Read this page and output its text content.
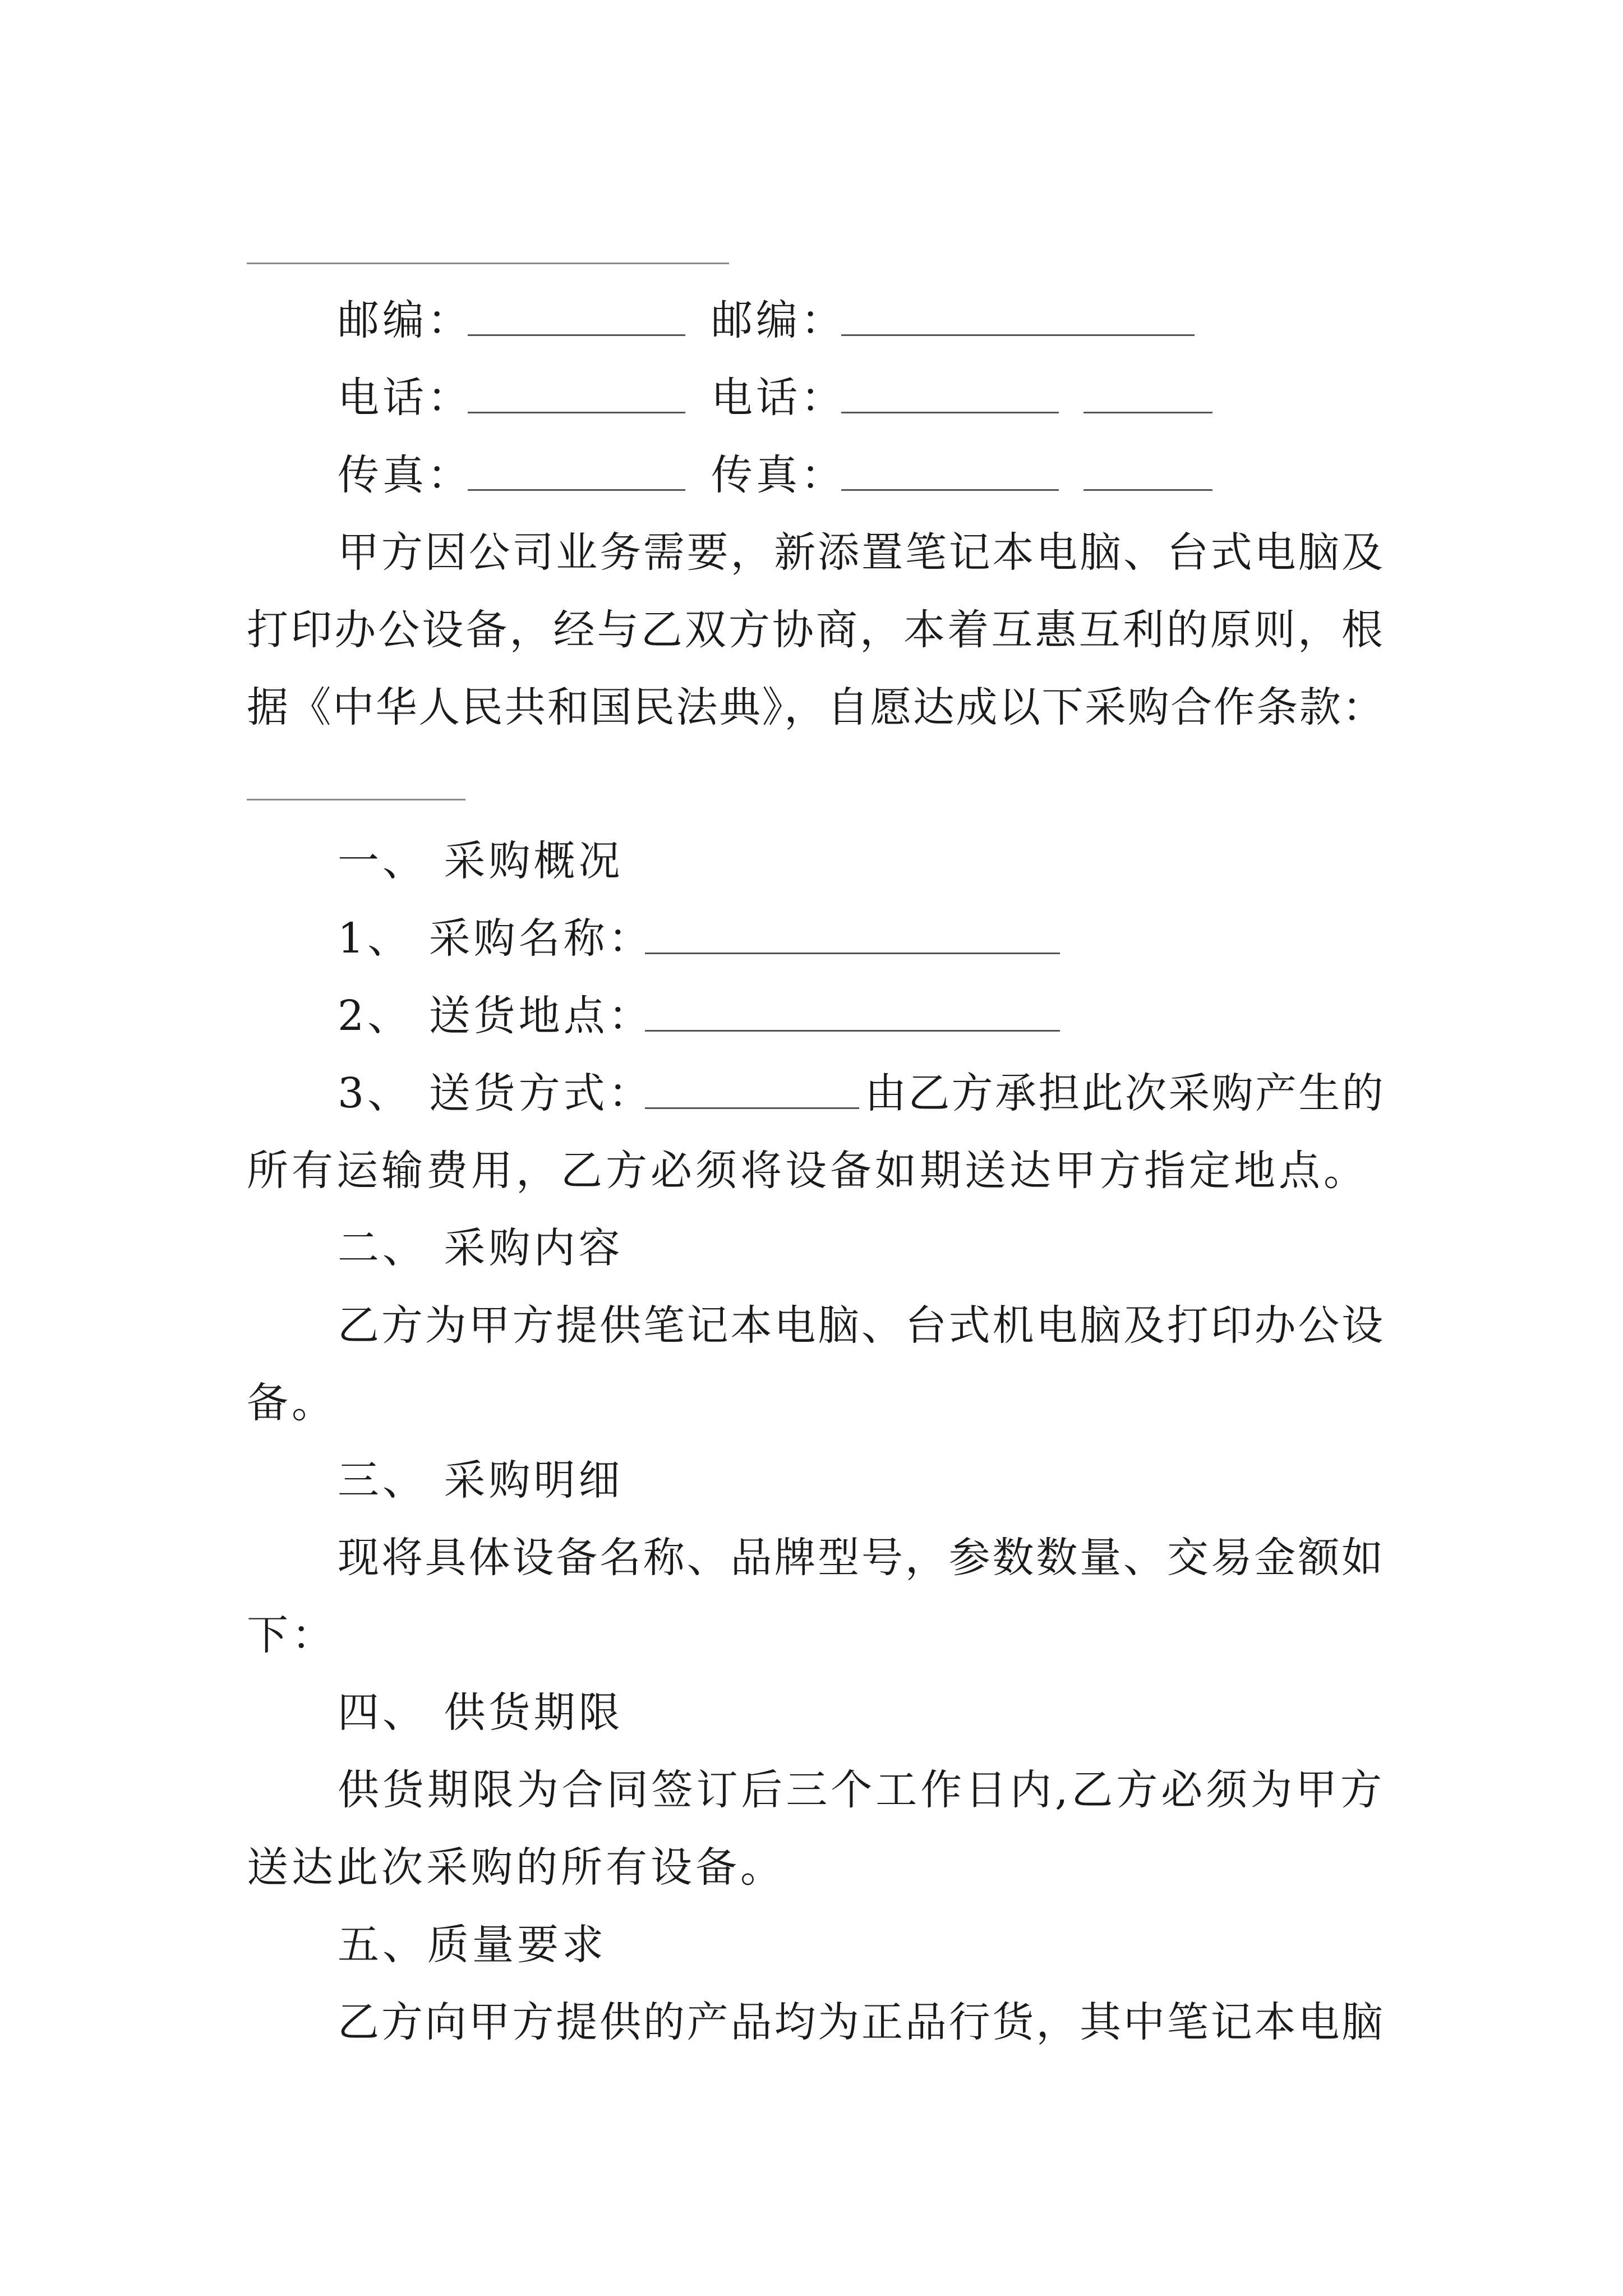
邮编：	邮编：
电话：	电话：
传真：	传真：
甲方因公司业务需要，新添置笔记本电脑、台式电脑及
打印办公设备，经与乙双方协商，本着互惠互利的原则，根
据《中华人民共和国民法典》，自愿达成以下采购合作条款：
一、 采购概况
1、 采购名称：
2、 送货地点：
3、 送货方式：	由乙方承担此次采购产生的
所有运输费用，乙方必须将设备如期送达甲方指定地点。
二、 采购内容
乙方为甲方提供笔记本电脑、台式机电脑及打印办公设
备。
三、 采购明细
现将具体设备名称、品牌型号，参数数量、交易金额如
下：
四、 供货期限
供货期限为合同签订后三个工作日内,乙方必须为甲方
送达此次采购的所有设备。
五、质量要求
乙方向甲方提供的产品均为正品行货，其中笔记本电脑
